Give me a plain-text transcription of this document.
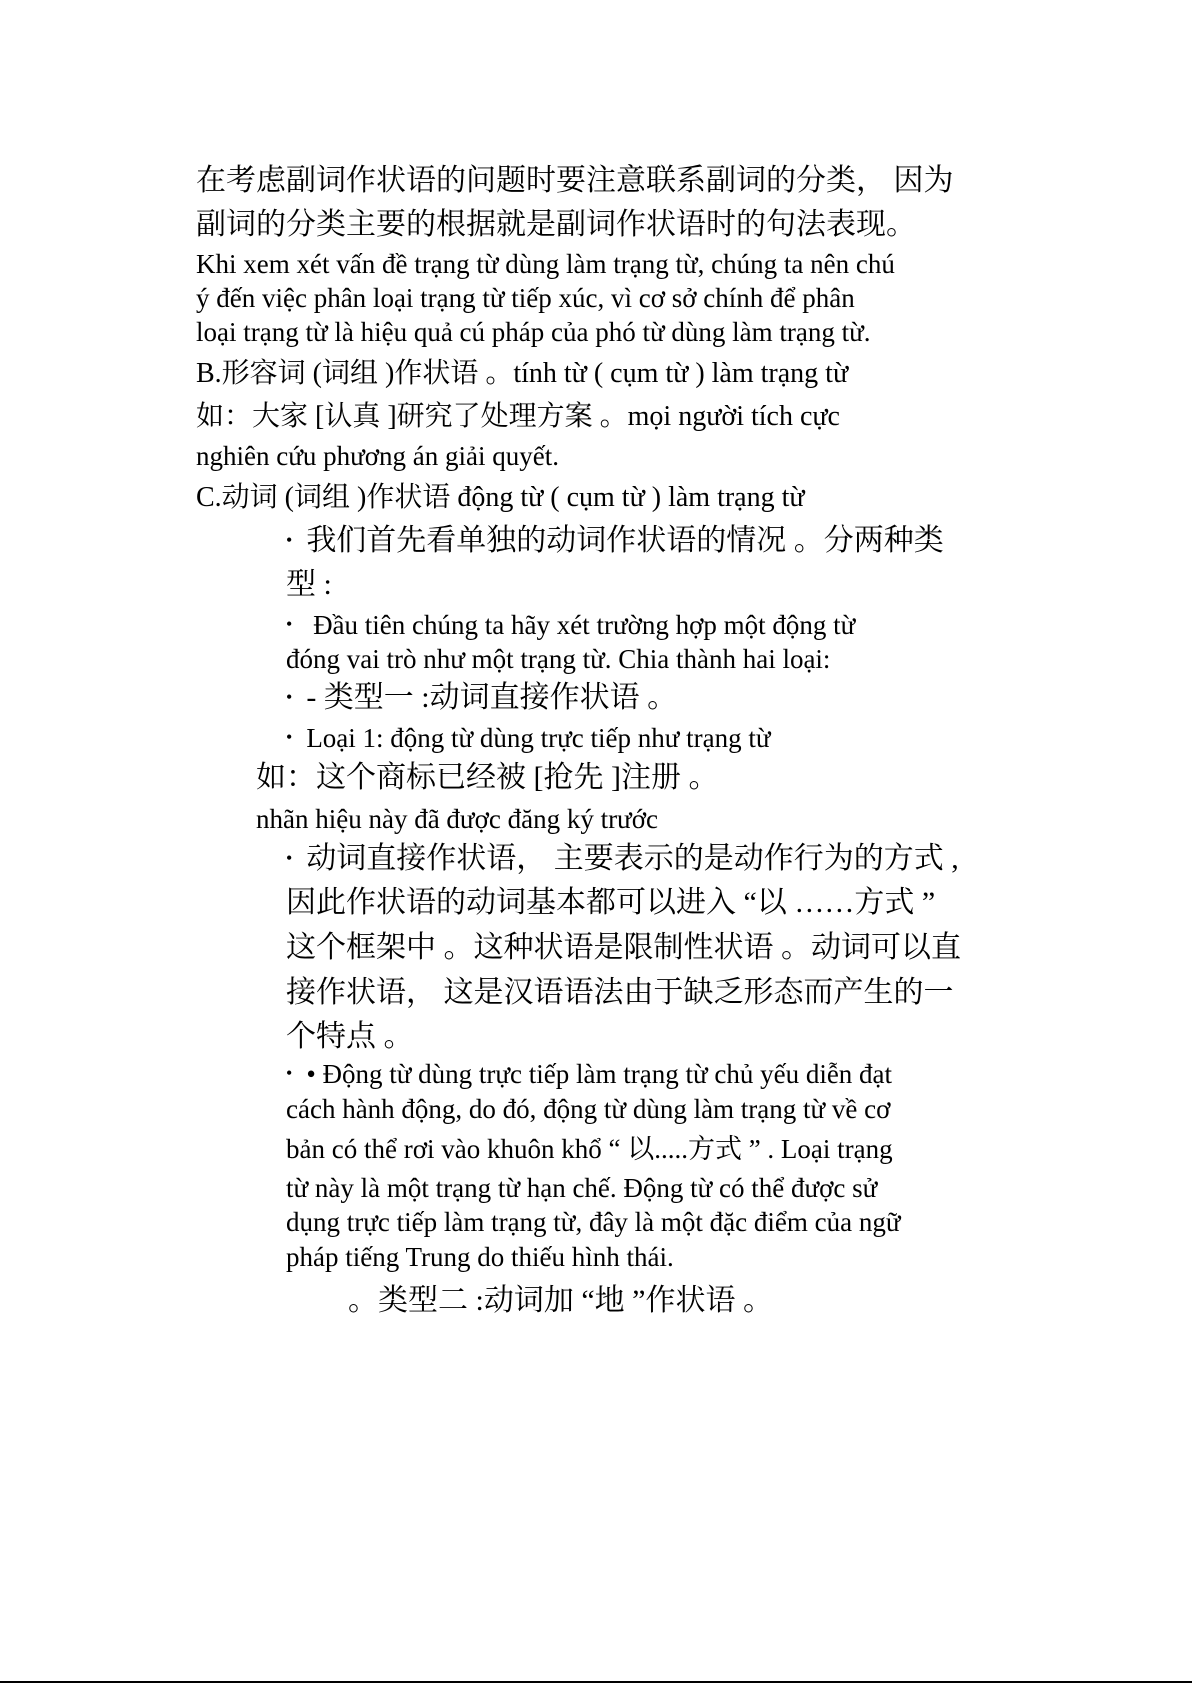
在考虑副词作状语的问题时要注意联系副词的分类， 因为
副词的分类主要的根据就是副词作状语时的句法表现。
Khi xem xét vấn đề trạng từ dùng làm trạng từ, chúng ta nên chú
ý đến việc phân loại trạng từ tiếp xúc, vì cơ sở chính để phân
loại trạng từ là hiệu quả cú pháp của phó từ dùng làm trạng từ.
B.形容词 (词组 )作状语 。tính từ ( cụm từ ) làm trạng từ
如：大家 [认真 ]研究了处理方案 。mọi người tích cực
nghiên cứu phương án giải quyết.
C.动词 (词组 )作状语 động từ ( cụm từ ) làm trạng từ
• 我们首先看单独的动词作状语的情况 。分两种类
型 :
• Đầu tiên chúng ta hãy xét trường hợp một động từ
đóng vai trò như một trạng từ. Chia thành hai loại:
• - 类型一 :动词直接作状语 。
• Loại 1: động từ dùng trực tiếp như trạng từ
如：这个商标已经被 [抢先 ]注册 。
nhãn hiệu này đã được đăng ký trước
• 动词直接作状语， 主要表示的是动作行为的方式 ,
因此作状语的动词基本都可以进入 “以 ……方式 ”
这个框架中 。这种状语是限制性状语 。动词可以直
接作状语， 这是汉语语法由于缺乏形态而产生的一
个特点 。
• • Động từ dùng trực tiếp làm trạng từ chủ yếu diễn đạt
cách hành động, do đó, động từ dùng làm trạng từ về cơ
bản có thể rơi vào khuôn khổ “ 以.....方式 ” . Loại trạng
từ này là một trạng từ hạn chế. Động từ có thể được sử
dụng trực tiếp làm trạng từ, đây là một đặc điểm của ngữ
pháp tiếng Trung do thiếu hình thái.
。类型二 :动词加 “地 ”作状语 。
